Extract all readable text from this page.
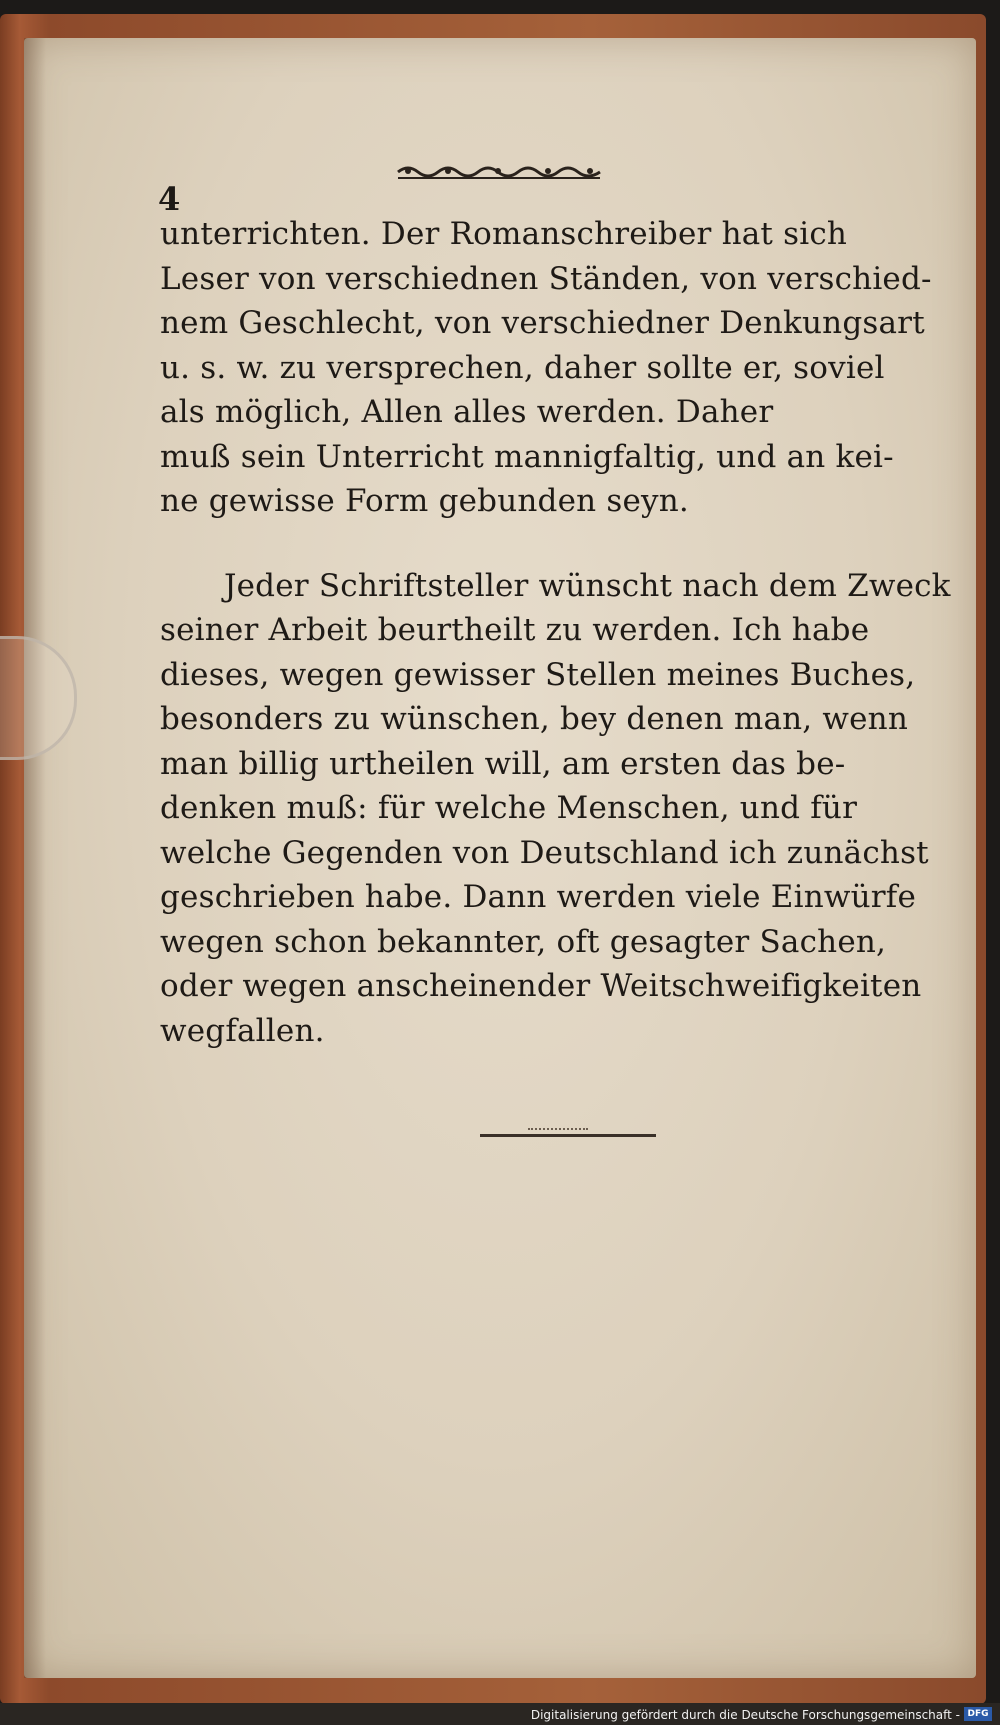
4
unterrichten. Der Romanschreiber hat sich
Leser von verschiednen Ständen, von verschied-
nem Geschlecht, von verschiedner Denkungsart
u. s. w. zu versprechen, daher sollte er, soviel
als möglich, Allen alles werden. Daher
muß sein Unterricht mannigfaltig, und an kei-
ne gewisse Form gebunden seyn.
Jeder Schriftsteller wünscht nach dem Zweck
seiner Arbeit beurtheilt zu werden. Ich habe
dieses, wegen gewisser Stellen meines Buches,
besonders zu wünschen, bey denen man, wenn
man billig urtheilen will, am ersten das be-
denken muß: für welche Menschen, und für
welche Gegenden von Deutschland ich zunächst
geschrieben habe. Dann werden viele Einwürfe
wegen schon bekannter, oft gesagter Sachen,
oder wegen anscheinender Weitschweifigkeiten
wegfallen.
Digitalisierung gefördert durch die Deutsche Forschungsgemeinschaft - DFG
